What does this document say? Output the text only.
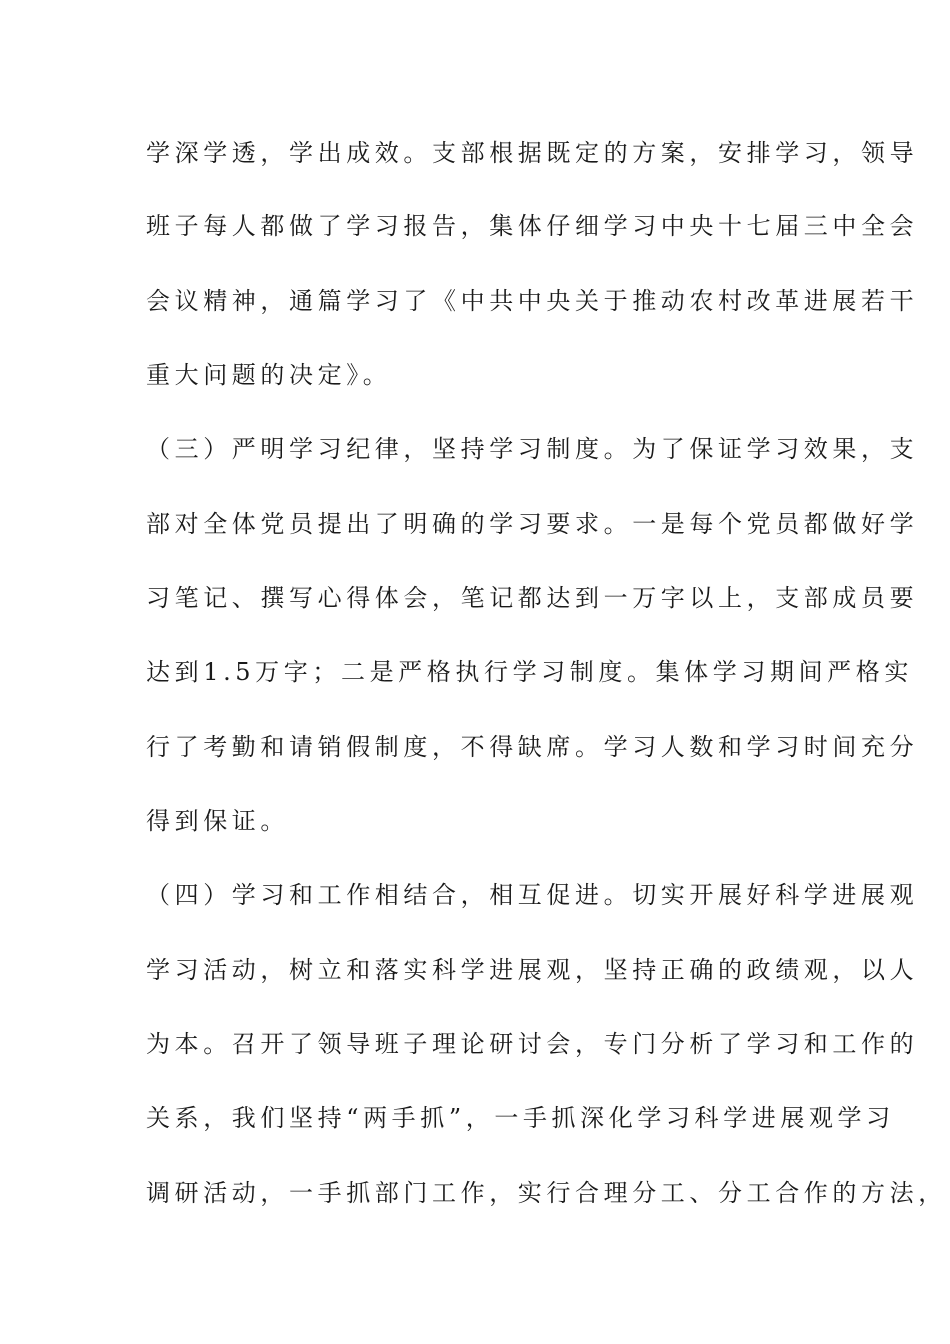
学深学透，学出成效。支部根据既定的方案，安排学习，领导
班子每人都做了学习报告，集体仔细学习中央十七届三中全会
会议精神，通篇学习了《中共中央关于推动农村改革进展若干
重大问题的决定》。
（三）严明学习纪律，坚持学习制度。为了保证学习效果，支
部对全体党员提出了明确的学习要求。一是每个党员都做好学
习笔记、撰写心得体会，笔记都达到一万字以上，支部成员要
达到1.5万字；二是严格执行学习制度。集体学习期间严格实
行了考勤和请销假制度，不得缺席。学习人数和学习时间充分
得到保证。
（四）学习和工作相结合，相互促进。切实开展好科学进展观
学习活动，树立和落实科学进展观，坚持正确的政绩观，以人
为本。召开了领导班子理论研讨会，专门分析了学习和工作的
关系，我们坚持“两手抓”，一手抓深化学习科学进展观学习
调研活动，一手抓部门工作，实行合理分工、分工合作的方法，
